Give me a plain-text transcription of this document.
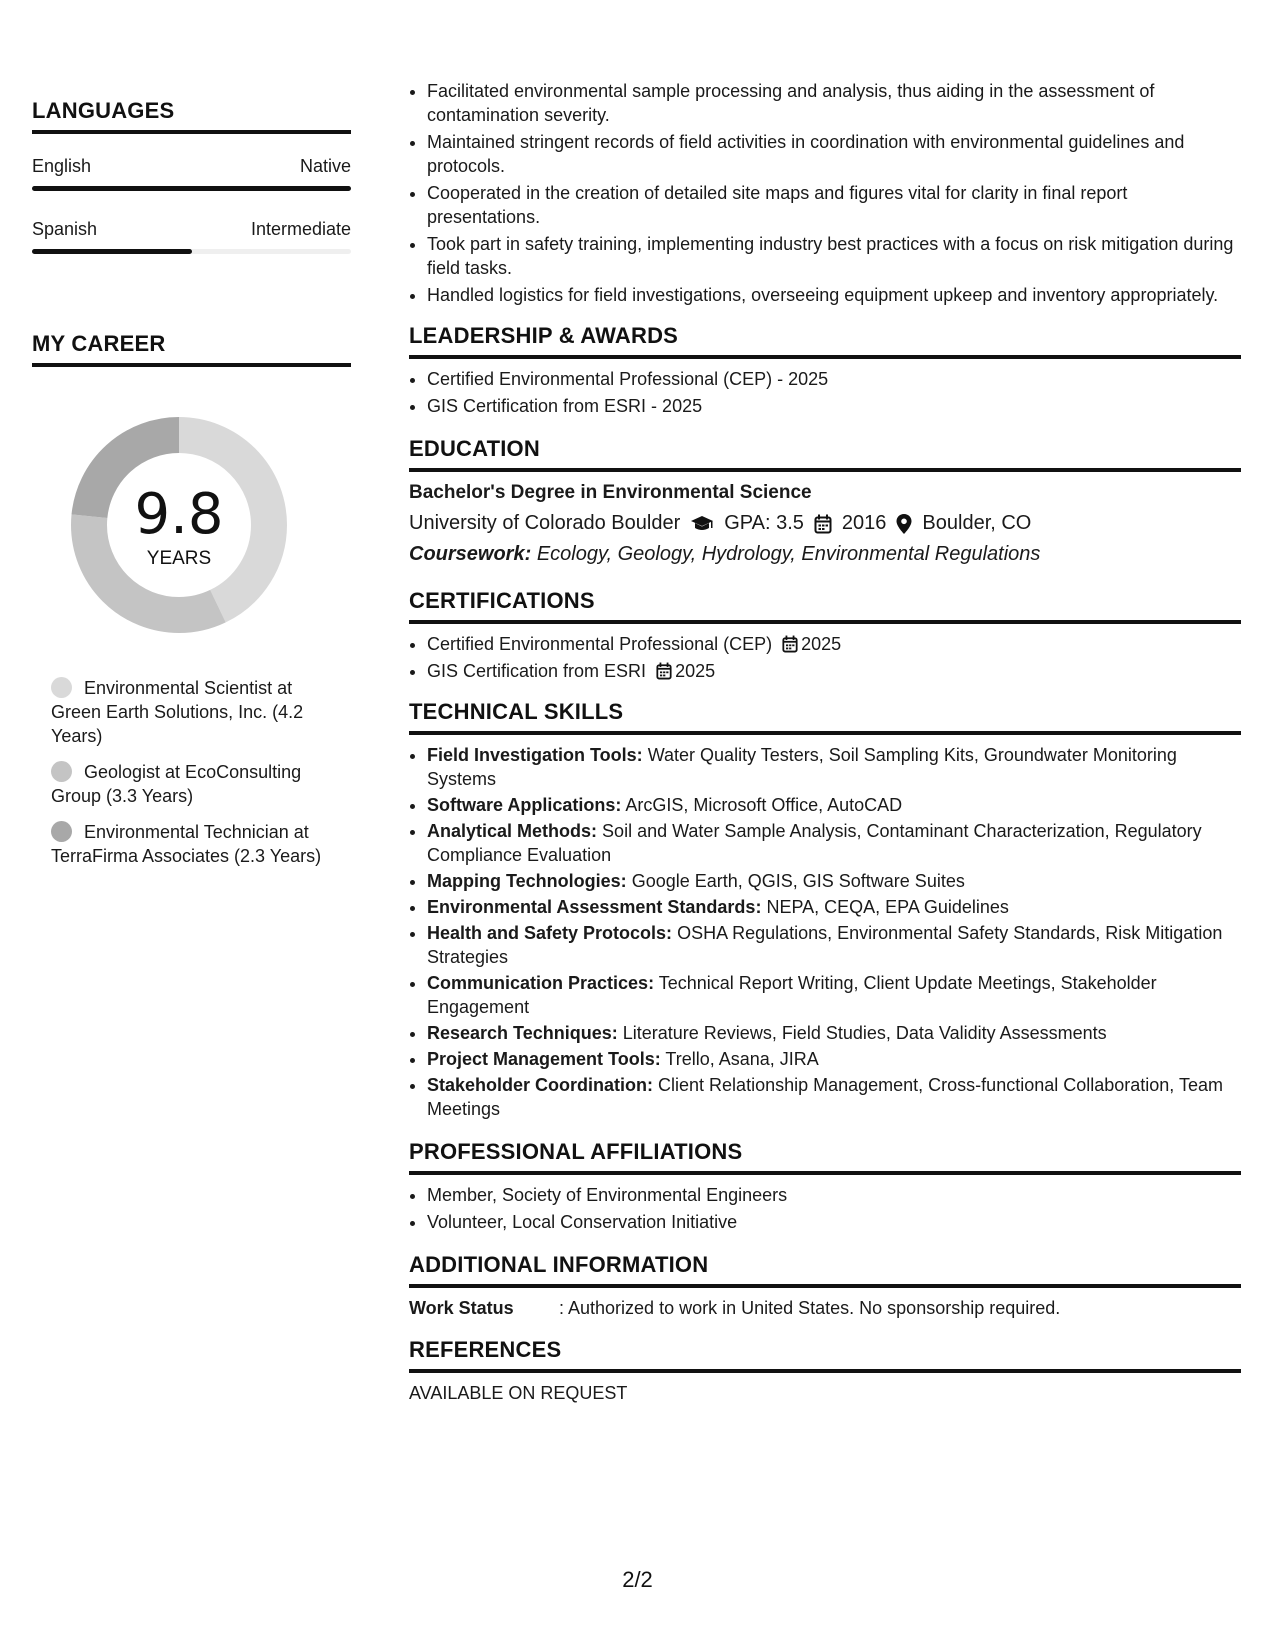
LANGUAGES
English	Native
Spanish	Intermediate
MY CAREER
9.8
YEARS
Environmental Scientist at Green Earth Solutions, Inc. (4.2 Years)
Geologist at EcoConsulting Group (3.3 Years)
Environmental Technician at TerraFirma Associates (2.3 Years)
• Facilitated environmental sample processing and analysis, thus aiding in the assessment of contamination severity.
• Maintained stringent records of field activities in coordination with environmental guidelines and protocols.
• Cooperated in the creation of detailed site maps and figures vital for clarity in final report presentations.
• Took part in safety training, implementing industry best practices with a focus on risk mitigation during field tasks.
• Handled logistics for field investigations, overseeing equipment upkeep and inventory appropriately.
LEADERSHIP & AWARDS
• Certified Environmental Professional (CEP) - 2025
• GIS Certification from ESRI - 2025
EDUCATION
Bachelor's Degree in Environmental Science
University of Colorado Boulder GPA: 3.5 2016 Boulder, CO
Coursework: Ecology, Geology, Hydrology, Environmental Regulations
CERTIFICATIONS
• Certified Environmental Professional (CEP) 2025
• GIS Certification from ESRI 2025
TECHNICAL SKILLS
• Field Investigation Tools: Water Quality Testers, Soil Sampling Kits, Groundwater Monitoring Systems
• Software Applications: ArcGIS, Microsoft Office, AutoCAD
• Analytical Methods: Soil and Water Sample Analysis, Contaminant Characterization, Regulatory Compliance Evaluation
• Mapping Technologies: Google Earth, QGIS, GIS Software Suites
• Environmental Assessment Standards: NEPA, CEQA, EPA Guidelines
• Health and Safety Protocols: OSHA Regulations, Environmental Safety Standards, Risk Mitigation Strategies
• Communication Practices: Technical Report Writing, Client Update Meetings, Stakeholder Engagement
• Research Techniques: Literature Reviews, Field Studies, Data Validity Assessments
• Project Management Tools: Trello, Asana, JIRA
• Stakeholder Coordination: Client Relationship Management, Cross-functional Collaboration, Team Meetings
PROFESSIONAL AFFILIATIONS
• Member, Society of Environmental Engineers
• Volunteer, Local Conservation Initiative
ADDITIONAL INFORMATION
Work Status	: Authorized to work in United States. No sponsorship required.
REFERENCES
AVAILABLE ON REQUEST
2/2
